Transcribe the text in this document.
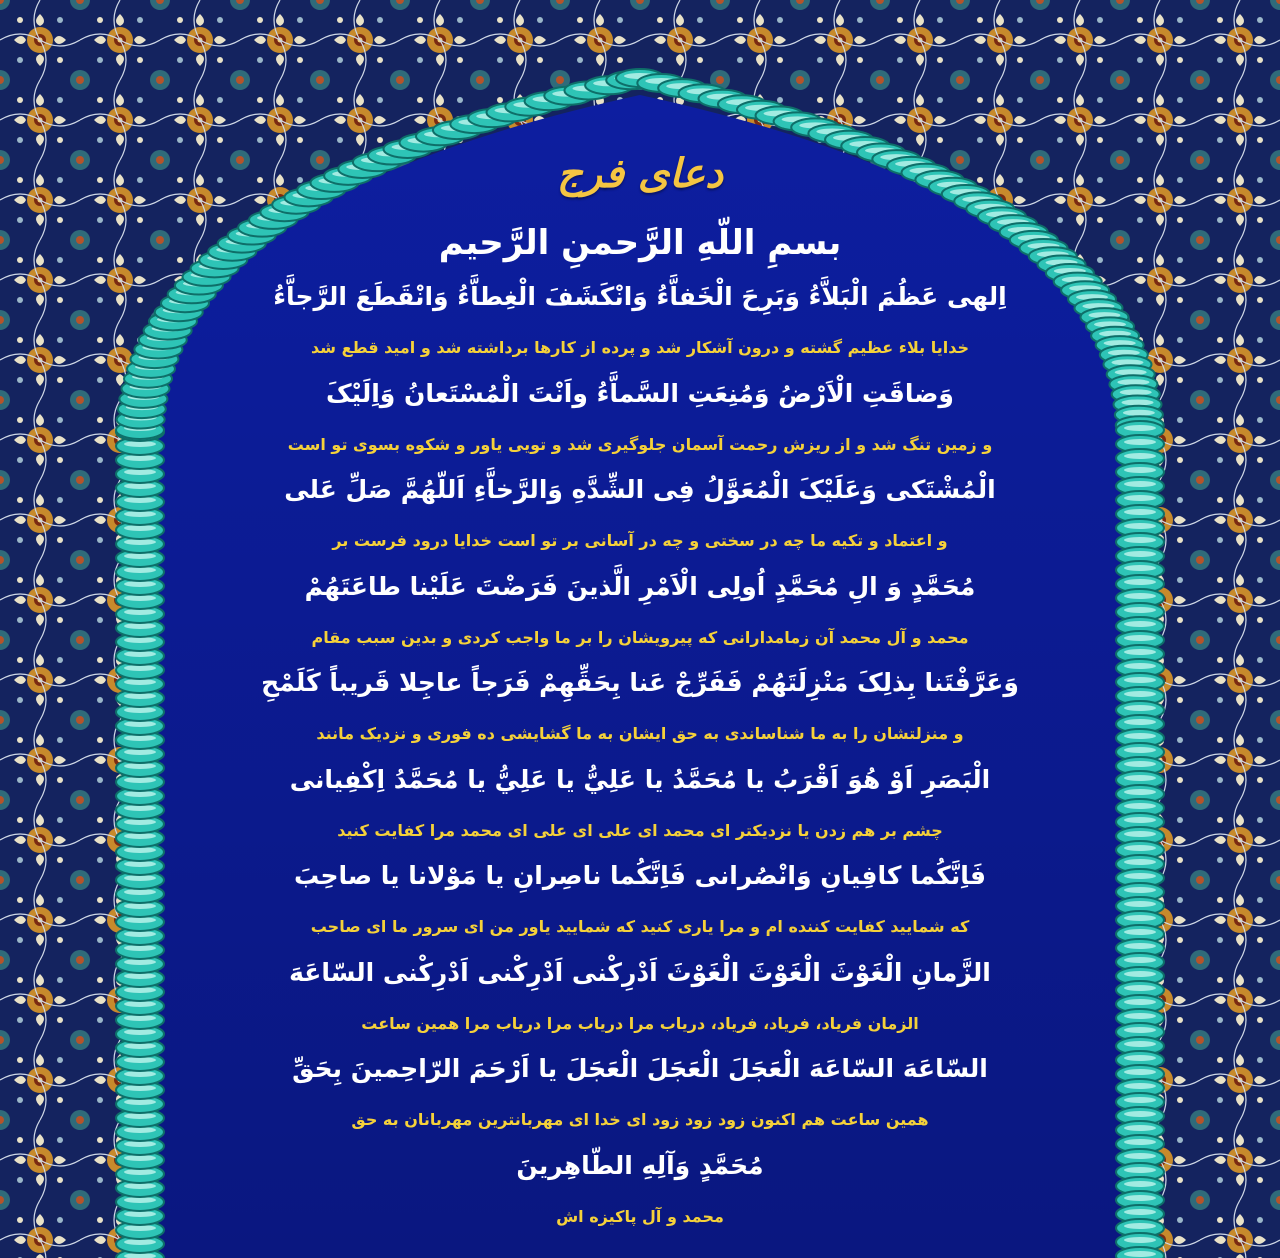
دعای فرج
بسمِ اللّهِ الرَّحمنِ الرَّحيم
اِلهی عَظُمَ الْبَلاَّءُ وَبَرِحَ الْخَفاَّءُ وَانْکَشَفَ الْغِطاَّءُ وَانْقَطَعَ الرَّجاَّءُ
خدایا بلاء عظیم گشته و درون آشکار شد و پرده از کارها برداشته شد و امید قطع شد
وَضاقَتِ الْاَرْضُ وَمُنِعَتِ السَّماَّءُ واَنْتَ الْمُسْتَعانُ وَاِلَيْکَ
و زمین تنگ شد و از ریزش رحمت آسمان جلوگیری شد و تویی یاور و شکوه بسوی تو است
الْمُشْتَکی وَعَلَيْکَ الْمُعَوَّلُ فِی الشِّدَّهِ وَالرَّخاَّءِ اَللّهُمَّ صَلِّ عَلی
و اعتماد و تکیه ما چه در سختی و چه در آسانی بر تو است خدایا درود فرست بر
مُحَمَّدٍ وَ الِ مُحَمَّدٍ اُولِی الْاَمْرِ الَّذينَ فَرَضْتَ عَلَيْنا طاعَتَهُمْ
محمد و آل محمد آن زمامدارانی که پیرویشان را بر ما واجب کردی و بدین سبب مقام
وَعَرَّفْتَنا بِذلِکَ مَنْزِلَتَهُمْ فَفَرِّجْ عَنا بِحَقِّهِمْ فَرَجاً عاجِلا قَريباً کَلَمْحِ
و منزلتشان را به ما شناساندی به حق ایشان به ما گشایشی ده فوری و نزدیک مانند
الْبَصَرِ اَوْ هُوَ اَقْرَبُ يا مُحَمَّدُ يا عَلِيُّ يا عَلِيُّ يا مُحَمَّدُ اِکْفِيانی
چشم بر هم زدن یا نزدیکتر ای محمد ای علی ای علی ای محمد مرا کفایت کنید
فَاِنَّکُما کافِيانِ وَانْصُرانی فَاِنَّکُما ناصِرانِ يا مَوْلانا يا صاحِبَ
که شمایید کفایت کننده ام و مرا یاری کنید که شمایید یاور من ای سرور ما ای صاحب
الزَّمانِ الْغَوْثَ الْغَوْثَ الْغَوْثَ اَدْرِکْنی اَدْرِکْنی اَدْرِکْنی السّاعَهَ
الزمان فریاد، فریاد، فریاد، دریاب مرا دریاب مرا دریاب مرا همین ساعت
السّاعَهَ السّاعَهَ الْعَجَلَ الْعَجَلَ الْعَجَلَ يا اَرْحَمَ الرّاحِمينَ بِحَقِّ
همین ساعت هم اکنون زود زود زود ای خدا ای مهربانترین مهربانان به حق
مُحَمَّدٍ وَآلِهِ الطّاهِرينَ
محمد و آل پاکیزه اش
